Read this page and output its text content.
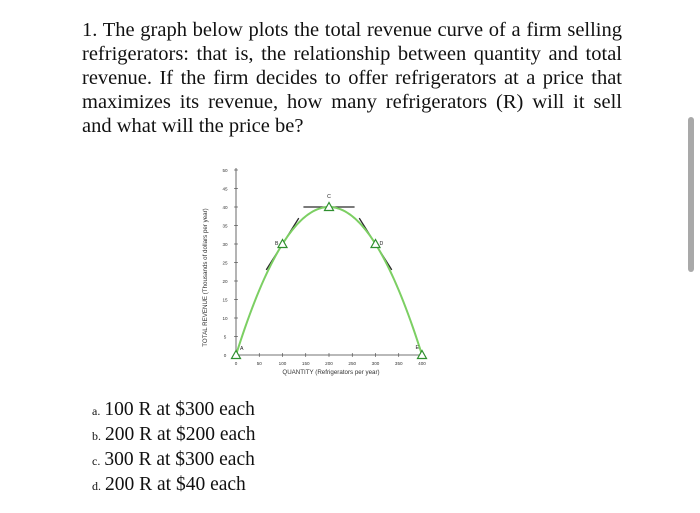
1. The graph below plots the total revenue curve of a firm selling refrigerators: that is, the relationship between quantity and total revenue. If the firm decides to offer refrigerators at a price that maximizes its revenue, how many refrigerators (R) will it sell and what will the price be?

0
5
10
15
20
25
30
35
40
45
50
0	50	100	150	200	250	300	350	400
A
B
C
D
E
TOTAL REVENUE (Thousands of dollars per year)
QUANTITY (Refrigerators per year)
a. 100 R at $300 each
b. 200 R at $200 each
c. 300 R at $300 each
d. 200 R at $40 each
